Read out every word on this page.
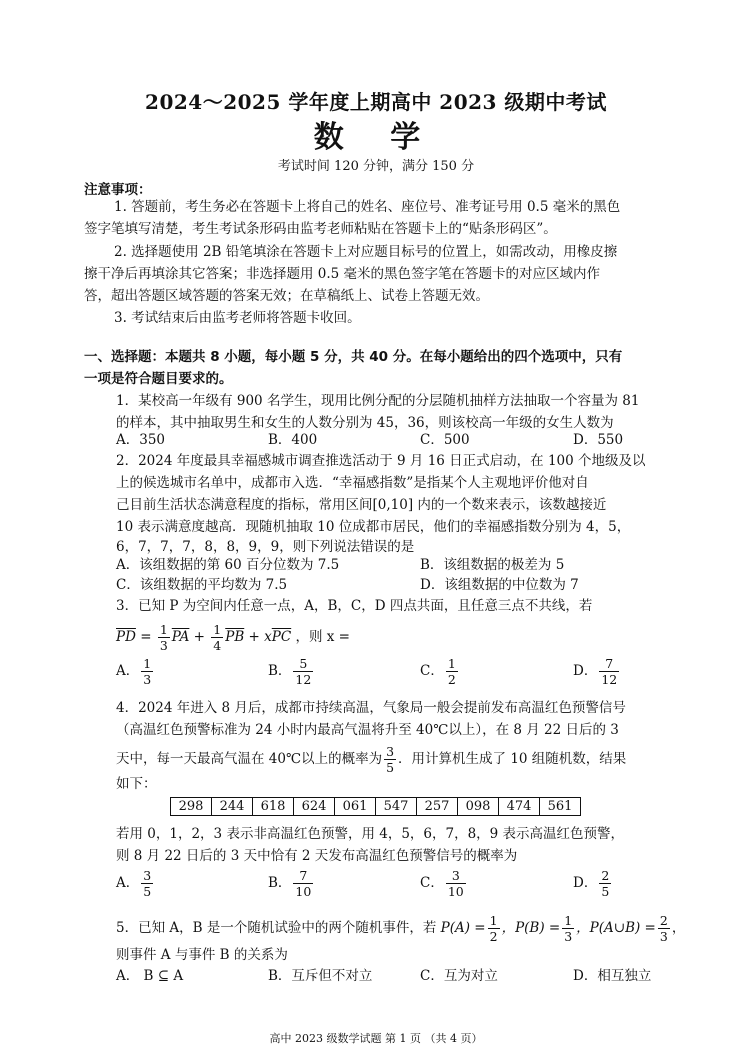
2024～2025 学年度上期高中 2023 级期中考试
数 学
考试时间 120 分钟，满分 150 分
注意事项：
1. 答题前，考生务必在答题卡上将自己的姓名、座位号、准考证号用 0.5 毫米的黑色
签字笔填写清楚，考生考试条形码由监考老师粘贴在答题卡上的“贴条形码区”。
2. 选择题使用 2B 铅笔填涂在答题卡上对应题目标号的位置上，如需改动，用橡皮擦
擦干净后再填涂其它答案；非选择题用 0.5 毫米的黑色签字笔在答题卡的对应区域内作
答，超出答题区域答题的答案无效；在草稿纸上、试卷上答题无效。
3. 考试结束后由监考老师将答题卡收回。
一、选择题：本题共 8 小题，每小题 5 分，共 40 分。在每小题给出的四个选项中，只有
一项是符合题目要求的。
1．某校高一年级有 900 名学生，现用比例分配的分层随机抽样方法抽取一个容量为 81
的样本，其中抽取男生和女生的人数分别为 45，36，则该校高一年级的女生人数为
A．350	B．400	C．500	D．550
2．2024 年度最具幸福感城市调查推选活动于 9 月 16 日正式启动，在 100 个地级及以
上的候选城市名单中，成都市入选．“幸福感指数”是指某个人主观地评价他对自
己目前生活状态满意程度的指标，常用区间[0,10] 内的一个数来表示，该数越接近
10 表示满意度越高．现随机抽取 10 位成都市居民，他们的幸福感指数分别为 4，5，
6，7，7，7，8，8，9，9，则下列说法错误的是
A．该组数据的第 60 百分位数为 7.5	B．该组数据的极差为 5
C．该组数据的平均数为 7.5	D．该组数据的中位数为 7
3．已知 P 为空间内任意一点，A，B，C，D 四点共面，且任意三点不共线，若
$\overline{PD} = \frac{1}{3} \overline{PA} + \frac{1}{4} \overline{PB} + x\overline{PC}$ ，则 x =
A． $\frac{1}{3}$	B． $\frac{5}{12}$	C． $\frac{1}{2}$	D． $\frac{7}{12}$
4．2024 年进入 8 月后，成都市持续高温，气象局一般会提前发布高温红色预警信号
（高温红色预警标准为 24 小时内最高气温将升至 40℃以上），在 8 月 22 日后的 3
天中，每一天最高气温在 40℃以上的概率为 $\frac{3}{5}$ ．用计算机生成了 10 组随机数，结果
如下：
298	244	618	624	061	547	257	098	474	561
若用 0，1，2，3 表示非高温红色预警，用 4，5，6，7，8，9 表示高温红色预警，
则 8 月 22 日后的 3 天中恰有 2 天发布高温红色预警信号的概率为
A． $\frac{3}{5}$	B． $\frac{7}{10}$	C． $\frac{3}{10}$	D． $\frac{2}{5}$
5．已知 A，B 是一个随机试验中的两个随机事件，若 $P(A) = \frac{1}{2}$ ，$P(B) = \frac{1}{3}$ ，P(A∪B) = $\frac{2}{3}$ ，
则事件 A 与事件 B 的关系为
A． B ⊆ A	B．互斥但不对立	C．互为对立	D．相互独立
高中 2023 级数学试题 第 1 页 （共 4 页）
